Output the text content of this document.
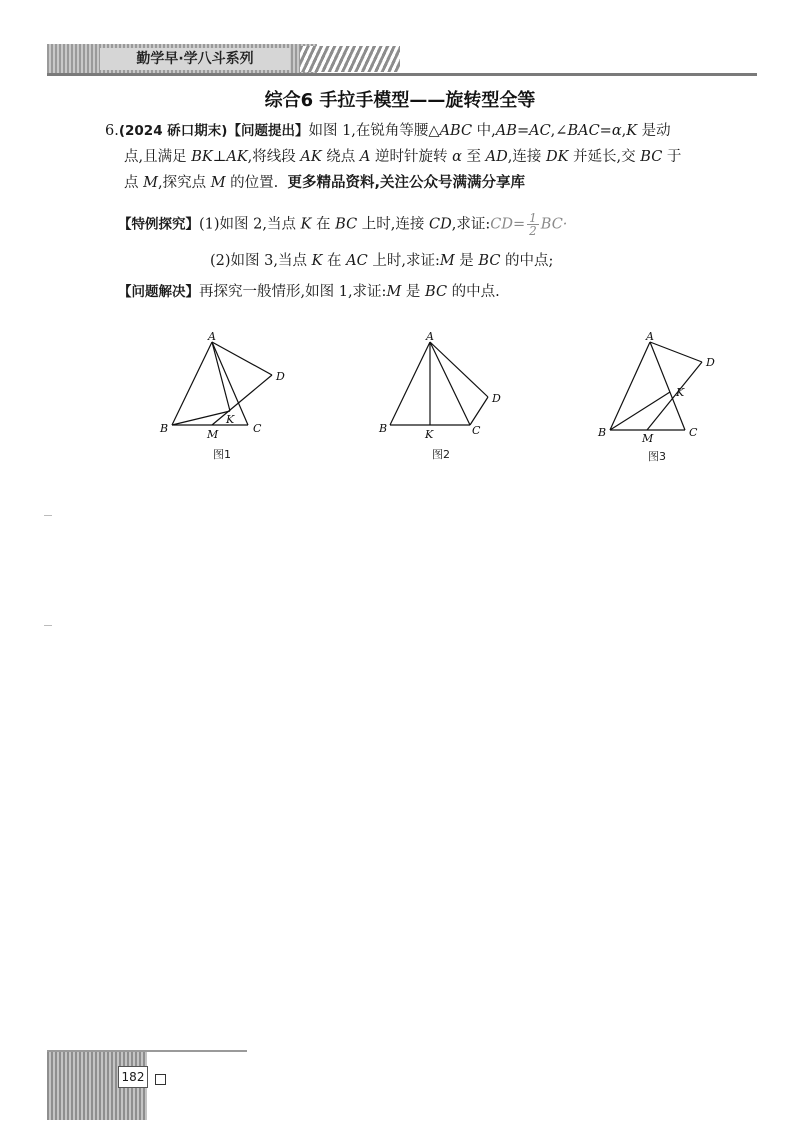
勤学早·学八斗系列
综合6 手拉手模型——旋转型全等
6.(2024 硚口期末)【问题提出】如图 1,在锐角等腰△ABC 中,AB=AC,∠BAC=α,K 是动
点,且满足 BK⊥AK,将线段 AK 绕点 A 逆时针旋转 α 至 AD,连接 DK 并延长,交 BC 于
点 M,探究点 M 的位置. 更多精品资料,关注公众号满满分享库
【特例探究】(1)如图 2,当点 K 在 BC 上时,连接 CD,求证:CD= $\frac{1}{2} BC\cdot$
(2)如图 3,当点 K 在 AC 上时,求证:M 是 BC 的中点;
【问题解决】再探究一般情形,如图 1,求证:M 是 BC 的中点.
A
B	C
D
K
M
图1
A
B	C
D
K
图2
A
B	C
D
K
M
图3
182
